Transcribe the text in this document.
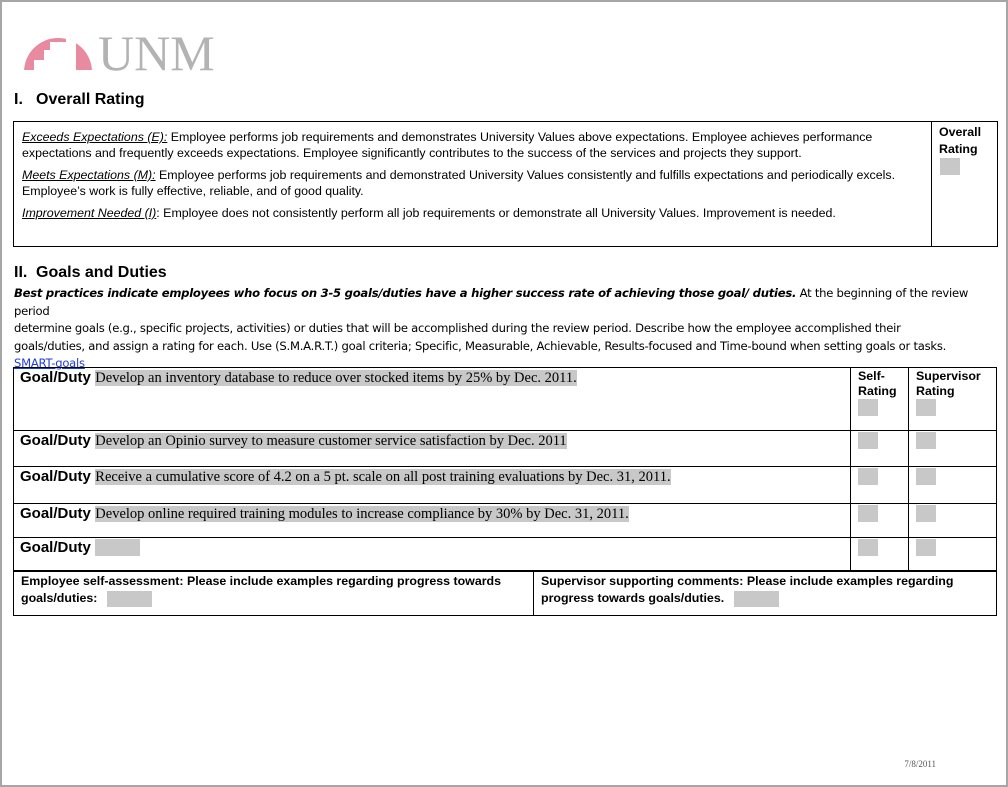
UNM
I. Overall Rating
Exceeds Expectations (E): Employee performs job requirements and demonstrates University Values above expectations. Employee achieves performance expectations and frequently exceeds expectations. Employee significantly contributes to the success of the services and projects they support.
Meets Expectations (M): Employee performs job requirements and demonstrated University Values consistently and fulfills expectations and periodically excels. Employee’s work is fully effective, reliable, and of good quality.
Improvement Needed (I): Employee does not consistently perform all job requirements or demonstrate all University Values. Improvement is needed.
Overall Rating
II. Goals and Duties
Best practices indicate employees who focus on 3-5 goals/duties have a higher success rate of achieving those goal/ duties. At the beginning of the review period
determine goals (e.g., specific projects, activities) or duties that will be accomplished during the review period. Describe how the employee accomplished their
goals/duties, and assign a rating for each. Use (S.M.A.R.T.) goal criteria; Specific, Measurable, Achievable, Results-focused and Time-bound when setting goals or tasks.
SMART-goals
Goal/Duty Develop an inventory database to reduce over stocked items by 25% by Dec. 2011.	Self-Rating	Supervisor Rating

Goal/Duty Develop an Opinio survey to measure customer service satisfaction by Dec. 2011		
Goal/Duty Receive a cumulative score of 4.2 on a 5 pt. scale on all post training evaluations by Dec. 31, 2011.		
Goal/Duty Develop online required training modules to increase compliance by 30% by Dec. 31, 2011.		
Goal/Duty		
Employee self-assessment: Please include examples regarding progress towards goals/duties:	Supervisor supporting comments: Please include examples regarding progress towards goals/duties.
7/8/2011
